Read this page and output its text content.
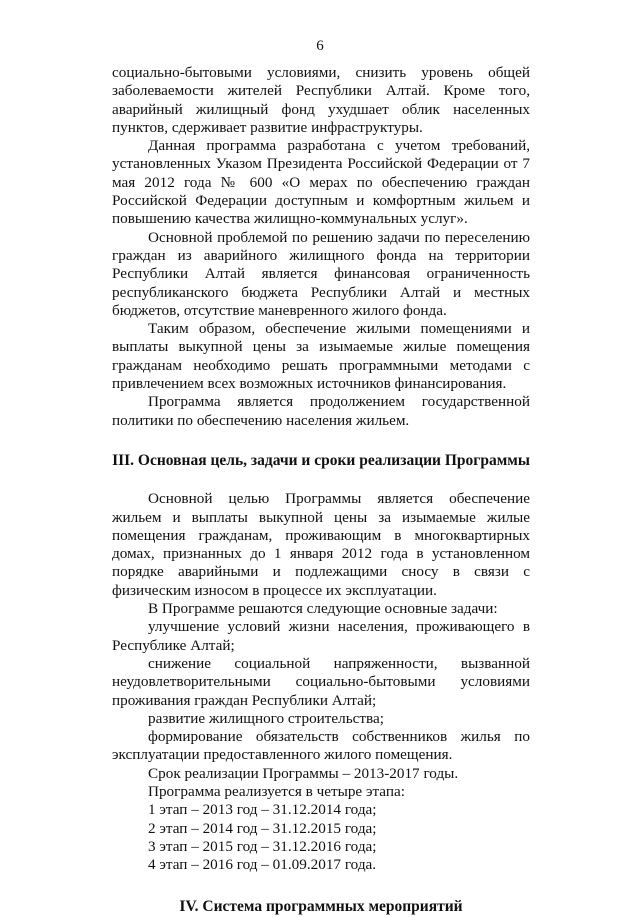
6

социально-бытовыми условиями, снизить уровень общей заболеваемости жителей Республики Алтай. Кроме того, аварийный жилищный фонд ухудшает облик населенных пунктов, сдерживает развитие инфраструктуры.

Данная программа разработана с учетом требований, установленных Указом Президента Российской Федерации от 7 мая 2012 года № 600 «О мерах по обеспечению граждан Российской Федерации доступным и комфортным жильем и повышению качества жилищно-коммунальных услуг».

Основной проблемой по решению задачи по переселению граждан из аварийного жилищного фонда на территории Республики Алтай является финансовая ограниченность республиканского бюджета Республики Алтай и местных бюджетов, отсутствие маневренного жилого фонда.

Таким образом, обеспечение жилыми помещениями и выплаты выкупной цены за изымаемые жилые помещения гражданам необходимо решать программными методами с привлечением всех возможных источников финансирования.

Программа является продолжением государственной политики по обеспечению населения жильем.

III. Основная цель, задачи и сроки реализации Программы

Основной целью Программы является обеспечение жильем и выплаты выкупной цены за изымаемые жилые помещения гражданам, проживающим в многоквартирных домах, признанных до 1 января 2012 года в установленном порядке аварийными и подлежащими сносу в связи с физическим износом в процессе их эксплуатации.

В Программе решаются следующие основные задачи:

улучшение условий жизни населения, проживающего в Республике Алтай;

снижение социальной напряженности, вызванной неудовлетворительными социально-бытовыми условиями проживания граждан Республики Алтай;

развитие жилищного строительства;

формирование обязательств собственников жилья по эксплуатации предоставленного жилого помещения.

Срок реализации Программы – 2013-2017 годы.

Программа реализуется в четыре этапа:

1 этап – 2013 год – 31.12.2014 года;

2 этап – 2014 год – 31.12.2015 года;

3 этап – 2015 год – 31.12.2016 года;

4 этап – 2016 год – 01.09.2017 года.

IV. Система программных мероприятий
